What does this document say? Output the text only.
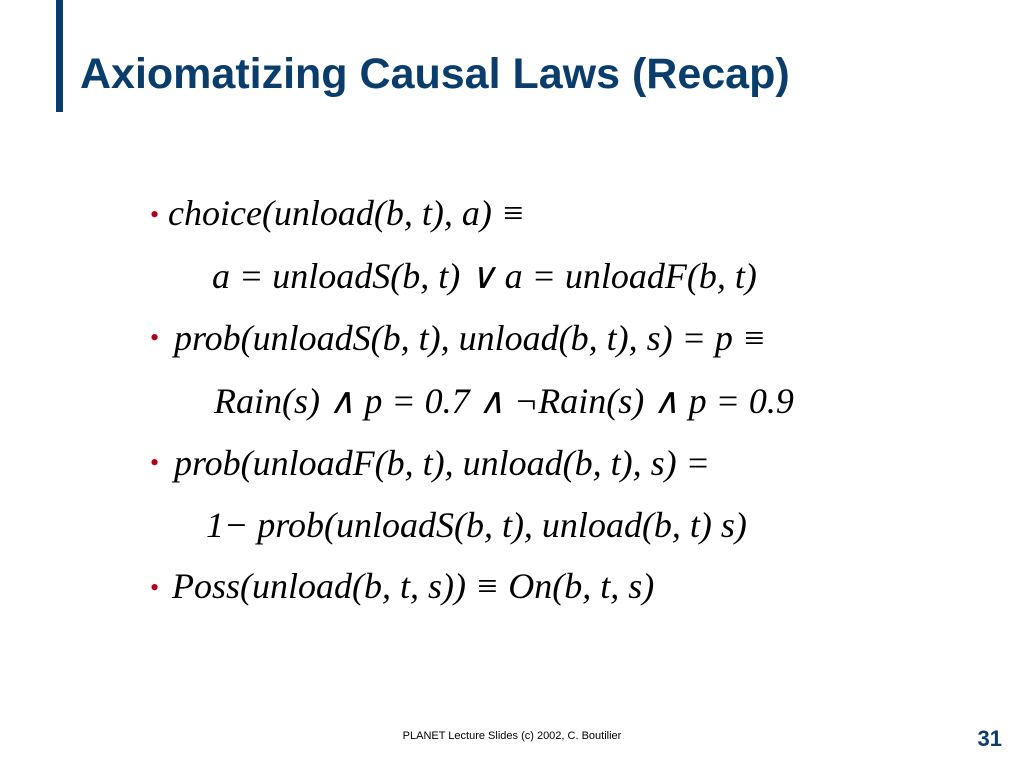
Axiomatizing Causal Laws (Recap)
• choice(unload(b, t), a) ≡
a = unloadS(b, t) ∨ a = unloadF(b, t)
• prob(unloadS(b, t), unload(b, t), s) = p ≡
Rain(s) ∧ p = 0.7 ∧ ¬Rain(s) ∧ p = 0.9
• prob(unloadF(b, t), unload(b, t), s) =
1− prob(unloadS(b, t), unload(b, t) s)
• Poss(unload(b, t, s)) ≡ On(b, t, s)
PLANET Lecture Slides (c) 2002, C. Boutilier	31
